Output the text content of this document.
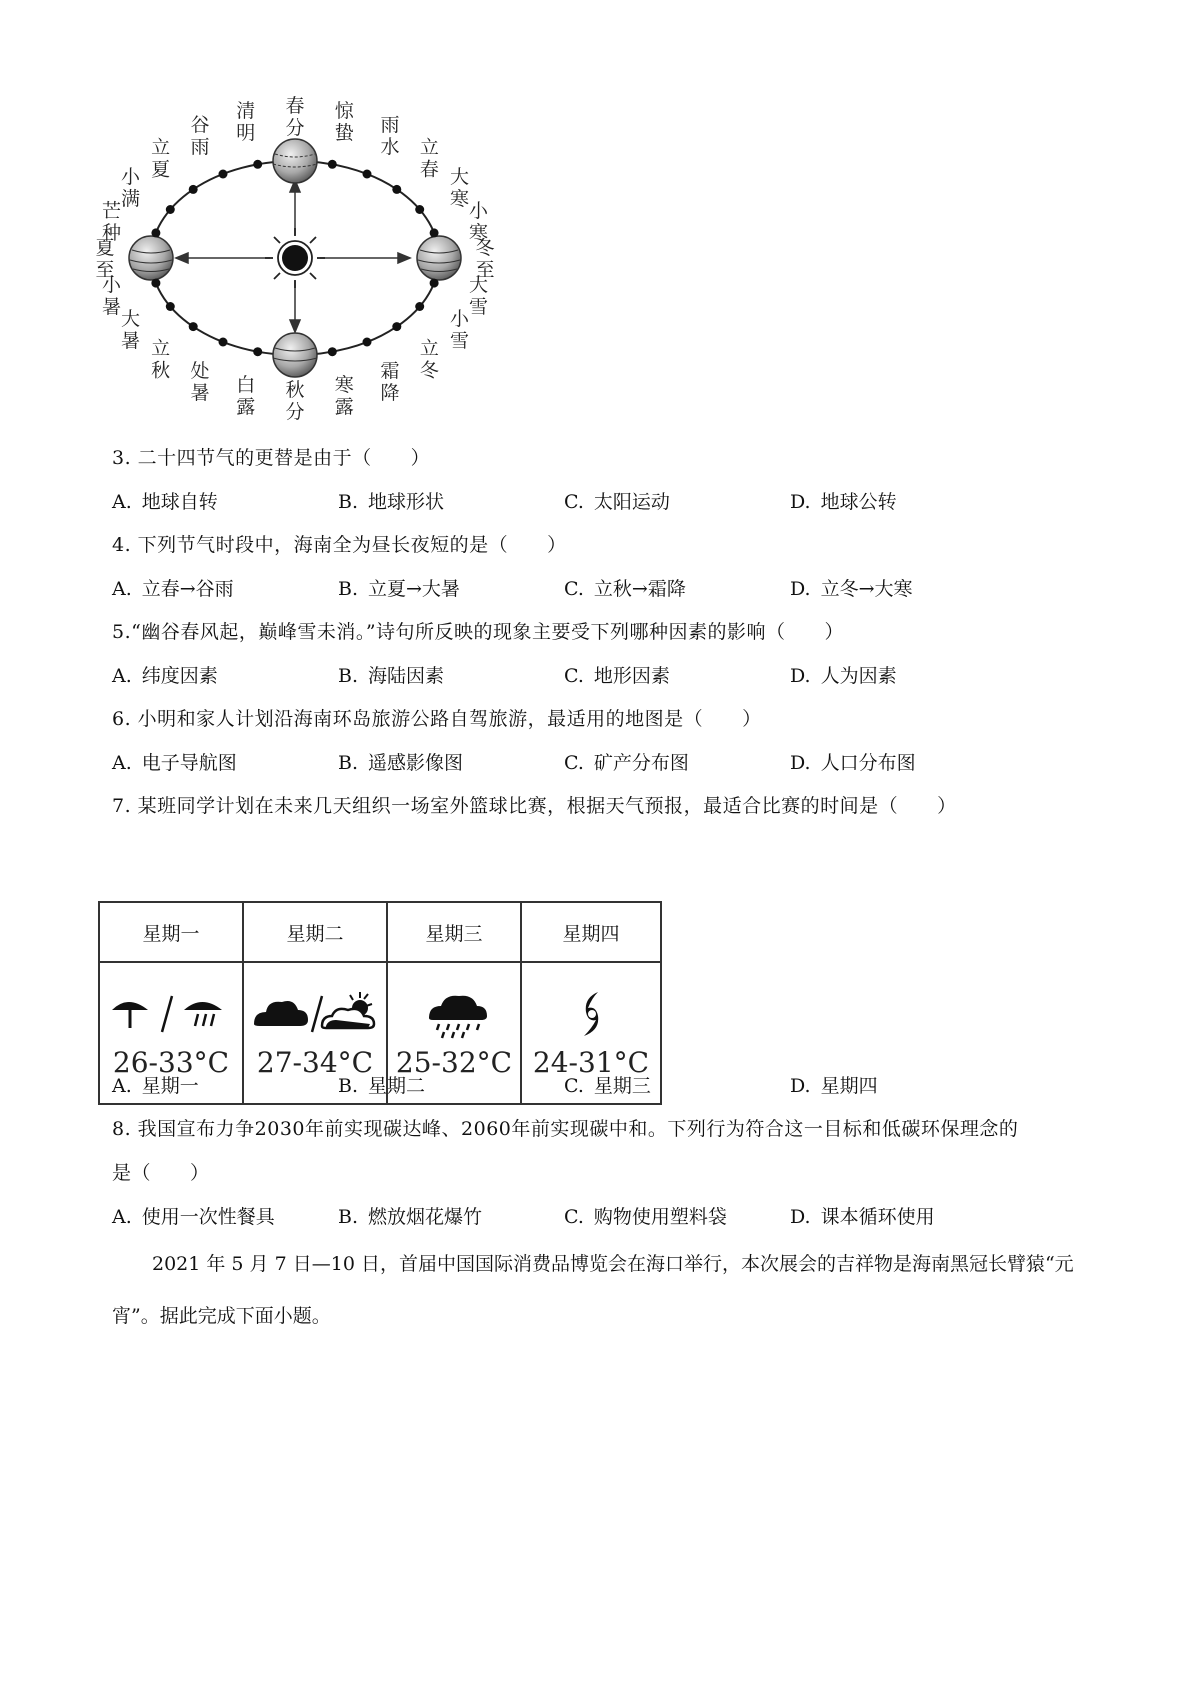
春分
清明
谷雨
立夏
小满
芒种
夏至
小暑
大暑 立秋 处暑 白露
秋分
寒露
霜降
立冬
小雪
大雪
冬至
小寒
大寒
立春
雨水
惊蛰
3. 二十四节气的更替是由于（　　）
A. 地球自转	B. 地球形状	C. 太阳运动	D. 地球公转
4. 下列节气时段中，海南全为昼长夜短的是（　　）
A. 立春→谷雨	B. 立夏→大暑	C. 立秋→霜降	D. 立冬→大寒
5.“幽谷春风起，巅峰雪未消。”诗句所反映的现象主要受下列哪种因素的影响（　　）
A. 纬度因素	B. 海陆因素	C. 地形因素	D. 人为因素
6. 小明和家人计划沿海南环岛旅游公路自驾旅游，最适用的地图是（　　）
A. 电子导航图	B. 遥感影像图	C. 矿产分布图	D. 人口分布图
7. 某班同学计划在未来几天组织一场室外篮球比赛，根据天气预报，最适合比赛的时间是（　　）
星期一	星期二	星期三	星期四

26-33°C	27-34°C	25-32°C	24-31°C
A. 星期一	B. 星期二	C. 星期三	D. 星期四
8. 我国宣布力争2030年前实现碳达峰、2060年前实现碳中和。下列行为符合这一目标和低碳环保理念的
是（　　）
A. 使用一次性餐具	B. 燃放烟花爆竹	C. 购物使用塑料袋	D. 课本循环使用
2021 年 5 月 7 日—10 日，首届中国国际消费品博览会在海口举行，本次展会的吉祥物是海南黑冠长臂猿“元宵”。据此完成下面小题。
